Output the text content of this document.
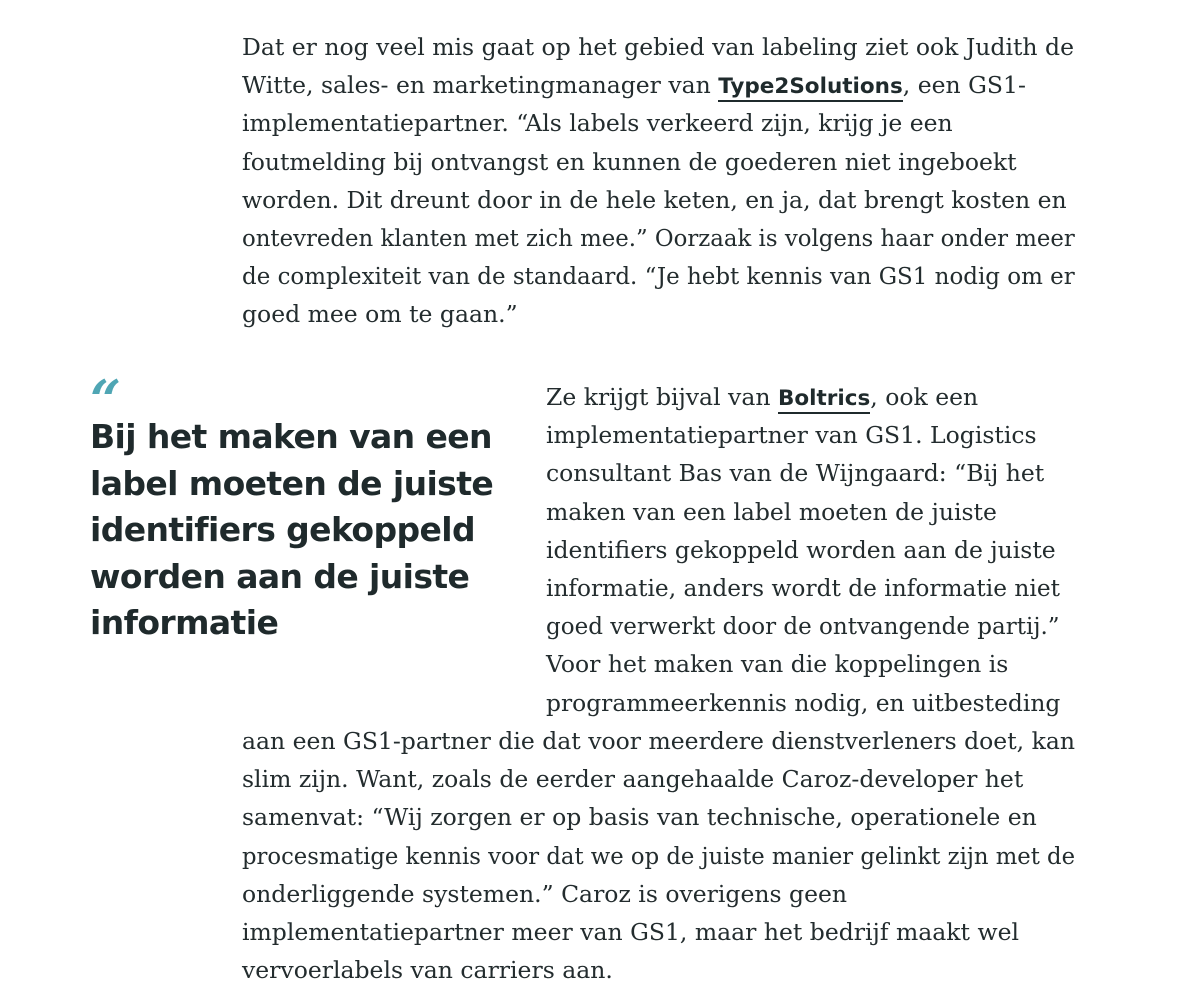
Dat er nog veel mis gaat op het gebied van labeling ziet ook Judith de
Witte, sales- en marketingmanager van Type2Solutions, een GS1-
implementatiepartner. “Als labels verkeerd zijn, krijg je een
foutmelding bij ontvangst en kunnen de goederen niet ingeboekt
worden. Dit dreunt door in de hele keten, en ja, dat brengt kosten en
ontevreden klanten met zich mee.” Oorzaak is volgens haar onder meer
de complexiteit van de standaard. “Je hebt kennis van GS1 nodig om er
goed mee om te gaan.”

“

Bij het maken van een
label moeten de juiste
identifiers gekoppeld
worden aan de juiste
informatie

Ze krijgt bijval van Boltrics, ook een
implementatiepartner van GS1. Logistics
consultant Bas van de Wijngaard: “Bij het
maken van een label moeten de juiste
identifiers gekoppeld worden aan de juiste
informatie, anders wordt de informatie niet
goed verwerkt door de ontvangende partij.”
Voor het maken van die koppelingen is
programmeerkennis nodig, en uitbesteding

aan een GS1-partner die dat voor meerdere dienstverleners doet, kan
slim zijn. Want, zoals de eerder aangehaalde Caroz-developer het
samenvat: “Wij zorgen er op basis van technische, operationele en
procesmatige kennis voor dat we op de juiste manier gelinkt zijn met de
onderliggende systemen.” Caroz is overigens geen
implementatiepartner meer van GS1, maar het bedrijf maakt wel
vervoerlabels van carriers aan.
